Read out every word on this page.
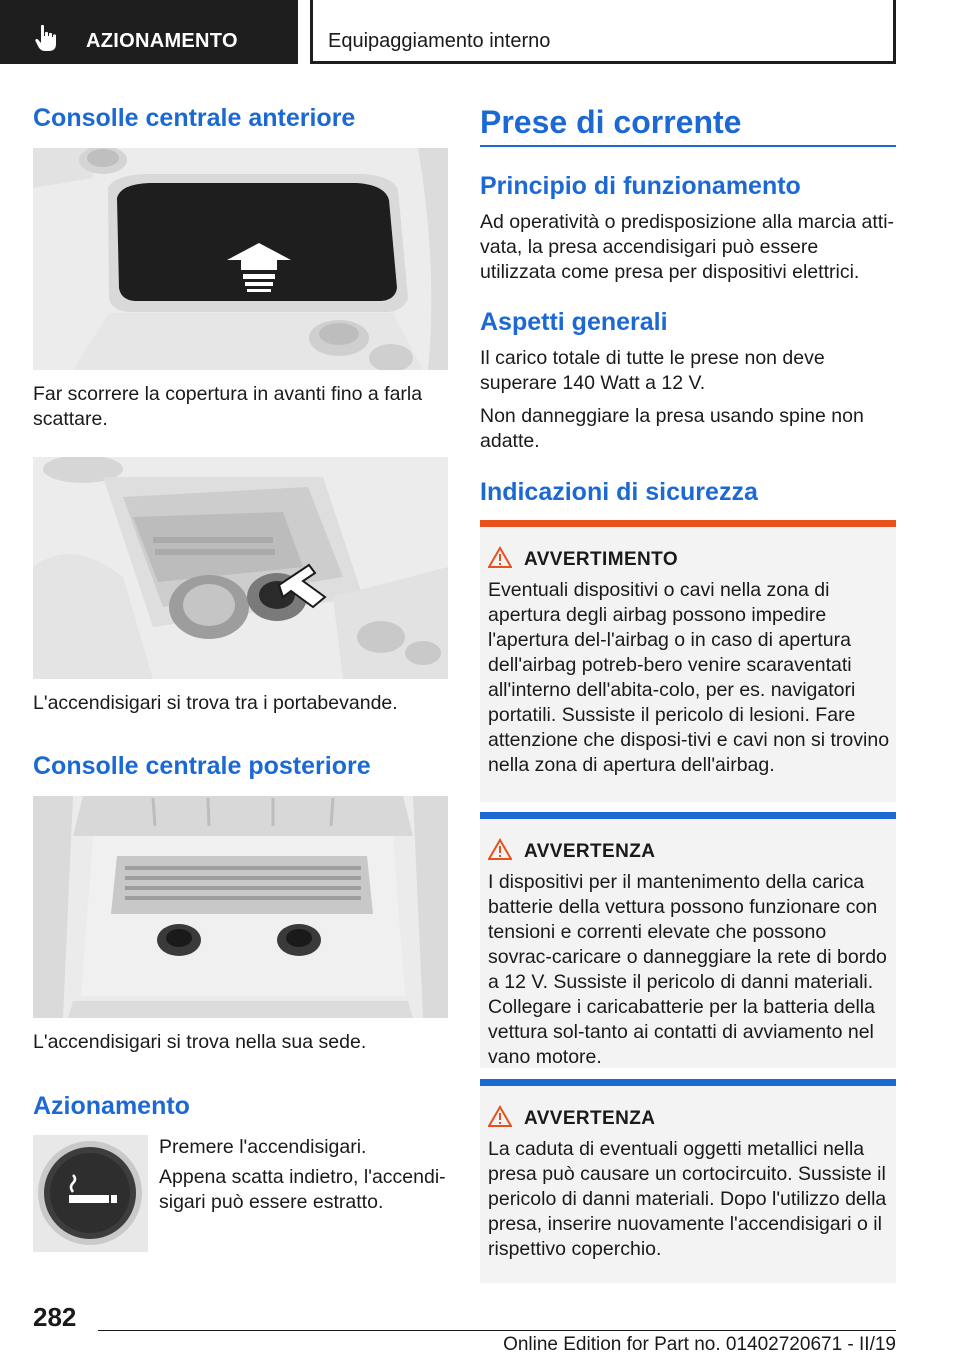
AZIONAMENTO	Equipaggiamento interno
Consolle centrale anteriore

Far scorrere la copertura in avanti fino a farla scattare.

L'accendisigari si trova tra i portabevande.

Consolle centrale posteriore

L'accendisigari si trova nella sua sede.

Azionamento

Premere l'accendisigari.

Appena scatta indietro, l'accendi-sigari può essere estratto.

Prese di corrente
Principio di funzionamento

Ad operatività o predisposizione alla marcia atti-vata, la presa accendisigari può essere utilizzata come presa per dispositivi elettrici.

Aspetti generali

Il carico totale di tutte le prese non deve superare 140 Watt a 12 V.

Non danneggiare la presa usando spine non adatte.

Indicazioni di sicurezza
AVVERTIMENTO

Eventuali dispositivi o cavi nella zona di apertura degli airbag possono impedire l'apertura del-l'airbag o in caso di apertura dell'airbag potreb-bero venire scaraventati all'interno dell'abita-colo, per es. navigatori portatili. Sussiste il pericolo di lesioni. Fare attenzione che disposi-tivi e cavi non si trovino nella zona di apertura dell'airbag.

AVVERTENZA

I dispositivi per il mantenimento della carica batterie della vettura possono funzionare con tensioni e correnti elevate che possono sovrac-caricare o danneggiare la rete di bordo a 12 V. Sussiste il pericolo di danni materiali. Collegare i caricabatterie per la batteria della vettura sol-tanto ai contatti di avviamento nel vano motore.

AVVERTENZA

La caduta di eventuali oggetti metallici nella presa può causare un cortocircuito. Sussiste il pericolo di danni materiali. Dopo l'utilizzo della presa, inserire nuovamente l'accendisigari o il rispettivo coperchio.

282
Online Edition for Part no. 01402720671 - II/19
